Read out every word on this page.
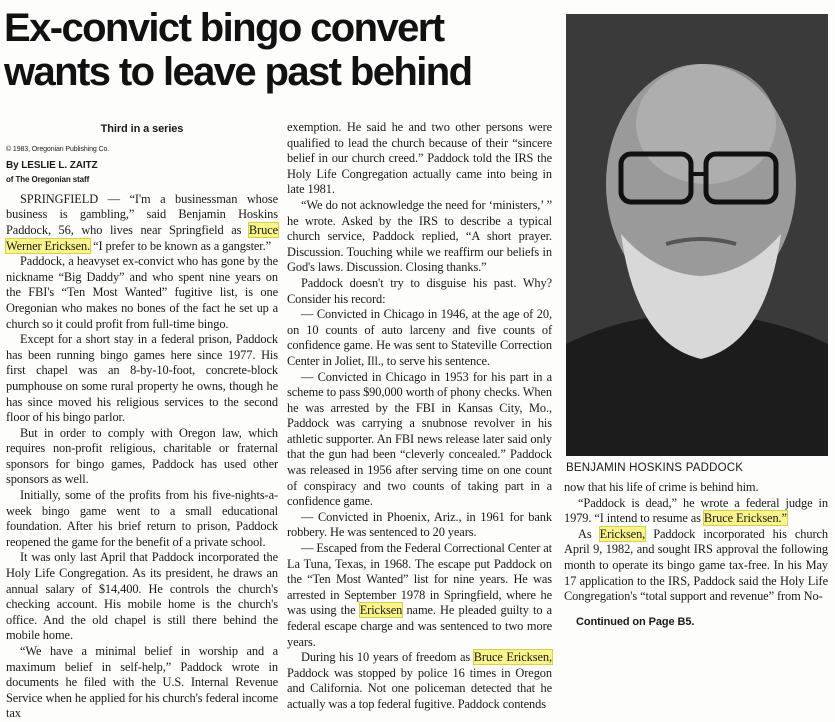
Ex-convict bingo convert
wants to leave past behind
Third in a series
© 1983, Oregonian Publishing Co.
By LESLIE L. ZAITZ
of The Oregonian staff

SPRINGFIELD — “I'm a businessman whose business is gambling,” said Benjamin Hoskins Paddock, 56, who lives near Springfield as Bruce Werner Ericksen. “I prefer to be known as a gangster.”

Paddock, a heavyset ex-convict who has gone by the nickname “Big Daddy” and who spent nine years on the FBI's “Ten Most Wanted” fugitive list, is one Oregonian who makes no bones of the fact he set up a church so it could profit from full-time bingo.

Except for a short stay in a federal prison, Paddock has been running bingo games here since 1977. His first chapel was an 8-by-10-foot, concrete-block pumphouse on some rural property he owns, though he has since moved his religious services to the second floor of his bingo parlor.

But in order to comply with Oregon law, which requires non-profit religious, charitable or fraternal sponsors for bingo games, Paddock has used other sponsors as well.

Initially, some of the profits from his five-nights-a-week bingo game went to a small educational foundation. After his brief return to prison, Paddock reopened the game for the benefit of a private school.

It was only last April that Paddock incorporated the Holy Life Congregation. As its president, he draws an annual salary of $14,400. He controls the church's checking account. His mobile home is the church's office. And the old chapel is still there behind the mobile home.

“We have a minimal belief in worship and a maximum belief in self-help,” Paddock wrote in documents he filed with the U.S. Internal Revenue Service when he applied for his church's federal income tax

exemption. He said he and two other persons were qualified to lead the church because of their “sincere belief in our church creed.” Paddock told the IRS the Holy Life Congregation actually came into being in late 1981.

“We do not acknowledge the need for ‘ministers,’ ” he wrote. Asked by the IRS to describe a typical church service, Paddock replied, “A short prayer. Discussion. Touching while we reaffirm our beliefs in God's laws. Discussion. Closing thanks.”

Paddock doesn't try to disguise his past. Why? Consider his record:

— Convicted in Chicago in 1946, at the age of 20, on 10 counts of auto larceny and five counts of confidence game. He was sent to Stateville Correction Center in Joliet, Ill., to serve his sentence.

— Convicted in Chicago in 1953 for his part in a scheme to pass $90,000 worth of phony checks. When he was arrested by the FBI in Kansas City, Mo., Paddock was carrying a snubnose revolver in his athletic supporter. An FBI news release later said only that the gun had been “cleverly concealed.” Paddock was released in 1956 after serving time on one count of conspiracy and two counts of taking part in a confidence game.

— Convicted in Phoenix, Ariz., in 1961 for bank robbery. He was sentenced to 20 years.

— Escaped from the Federal Correctional Center at La Tuna, Texas, in 1968. The escape put Paddock on the “Ten Most Wanted” list for nine years. He was arrested in September 1978 in Springfield, where he was using the Ericksen name. He pleaded guilty to a federal escape charge and was sentenced to two more years.

During his 10 years of freedom as Bruce Ericksen, Paddock was stopped by police 16 times in Oregon and California. Not one policeman detected that he actually was a top federal fugitive. Paddock contends

BENJAMIN HOSKINS PADDOCK

now that his life of crime is behind him.

“Paddock is dead,” he wrote a federal judge in 1979. “I intend to resume as Bruce Ericksen.”

As Ericksen, Paddock incorporated his church April 9, 1982, and sought IRS approval the following month to operate its bingo game tax-free. In his May 17 application to the IRS, Paddock said the Holy Life Congregation's “total support and revenue” from No-

Continued on Page B5.
